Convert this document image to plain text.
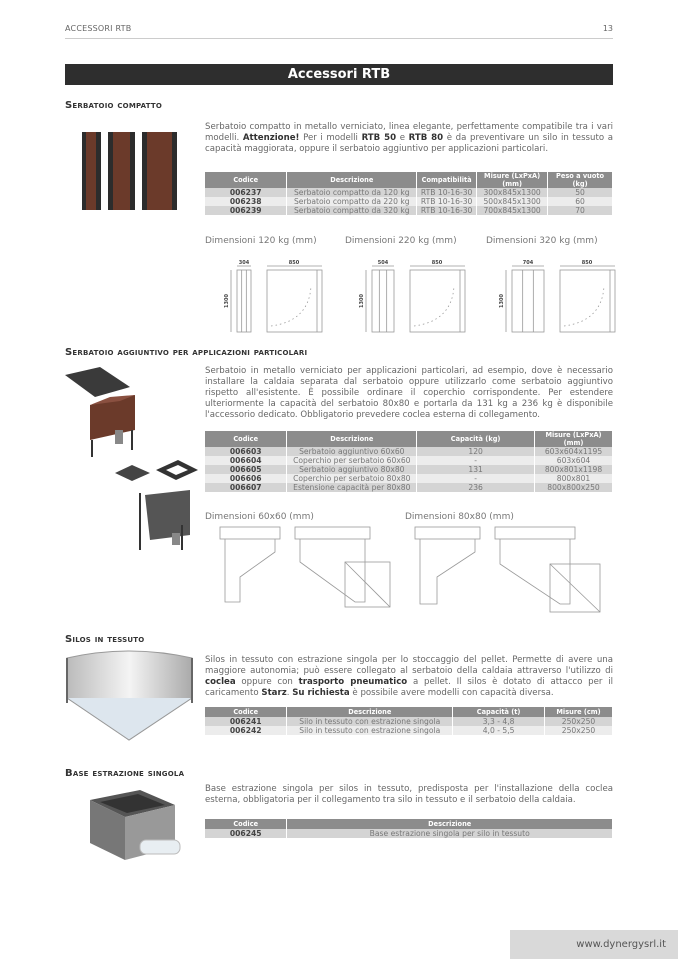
ACCESSORI RTB	13
Accessori RTB
Serbatoio compatto
Serbatoio compatto in metallo verniciato, linea elegante, perfettamente compatibile tra i vari modelli. Attenzione! Per i modelli RTB 50 e RTB 80 è da preventivare un silo in tessuto a capacità maggiorata, oppure il serbatoio aggiuntivo per applicazioni particolari.
Codice	Descrizione	Compatibilità	Misure (LxPxA) (mm)	Peso a vuoto (kg)
006237	Serbatoio compatto da 120 kg	RTB 10-16-30	300x845x1300	50
006238	Serbatoio compatto da 220 kg	RTB 10-16-30	500x845x1300	60
006239	Serbatoio compatto da 320 kg	RTB 10-16-30	700x845x1300	70
Dimensioni 120 kg (mm)	Dimensioni 220 kg (mm)	Dimensioni 320 kg (mm)
304	850
1300
504	850
1300
704	850
1300
Serbatoio aggiuntivo per applicazioni particolari
Serbatoio in metallo verniciato per applicazioni particolari, ad esempio, dove è necessario installare la caldaia separata dal serbatoio oppure utilizzarlo come serbatoio aggiuntivo rispetto all'esistente. È possibile ordinare il coperchio corrispondente. Per estendere ulteriormente la capacità del serbatoio 80x80 e portarla da 131 kg a 236 kg è disponibile l'accessorio dedicato. Obbligatorio prevedere coclea esterna di collegamento.
Codice	Descrizione	Capacità (kg)	Misure (LxPxA) (mm)
006603	Serbatoio aggiuntivo 60x60	120	603x604x1195
006604	Coperchio per serbatoio 60x60	-	603x604
006605	Serbatoio aggiuntivo 80x80	131	800x801x1198
006606	Coperchio per serbatoio 80x80	-	800x801
006607	Estensione capacità per 80x80	236	800x800x250
Dimensioni 60x60 (mm)	Dimensioni 80x80 (mm)
Silos in tessuto
Silos in tessuto con estrazione singola per lo stoccaggio del pellet. Permette di avere una maggiore autonomia; può essere collegato al serbatoio della caldaia attraverso l'utilizzo di coclea oppure con trasporto pneumatico a pellet. Il silos è dotato di attacco per il caricamento Starz. Su richiesta è possibile avere modelli con capacità diversa.
Codice	Descrizione	Capacità (t)	Misure (cm)
006241	Silo in tessuto con estrazione singola	3,3 - 4,8	250x250
006242	Silo in tessuto con estrazione singola	4,0 - 5,5	250x250
Base estrazione singola
Base estrazione singola per silos in tessuto, predisposta per l'installazione della coclea esterna, obbligatoria per il collegamento tra silo in tessuto e il serbatoio della caldaia.
Codice	Descrizione
006245	Base estrazione singola per silo in tessuto
www.dynergysrl.it
